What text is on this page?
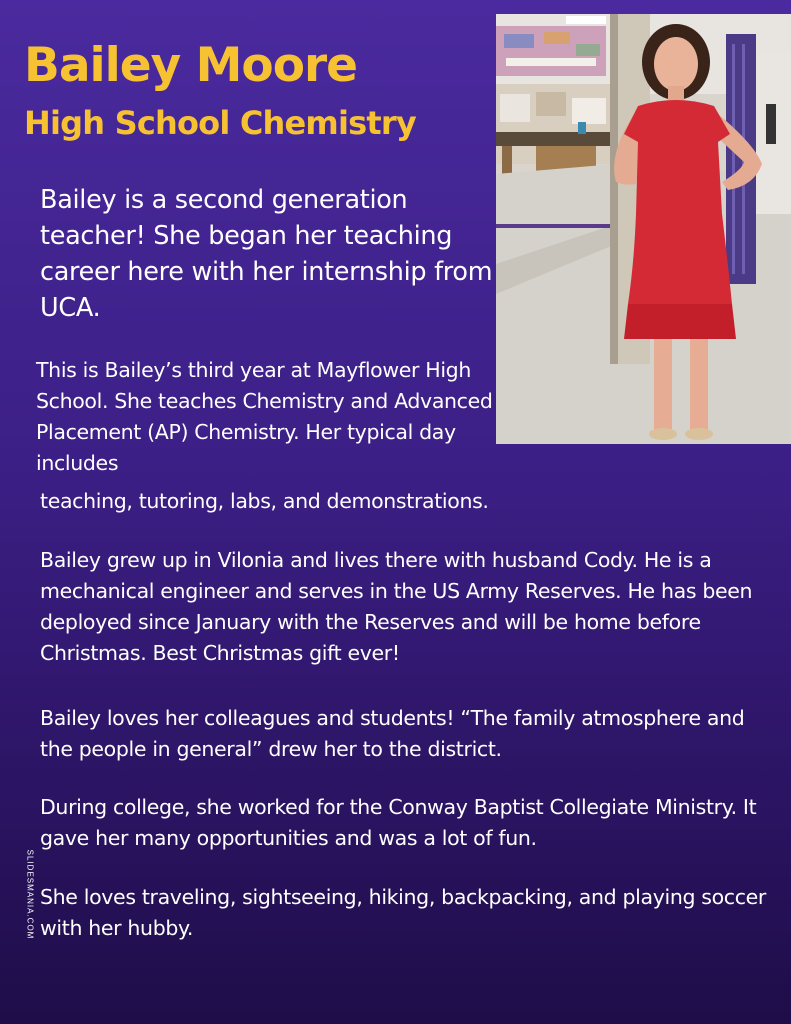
Bailey Moore
High School Chemistry

Bailey is a second generation teacher! She began her teaching career here with her internship from UCA.

This is Bailey’s third year at Mayflower High School. She teaches Chemistry and Advanced Placement (AP) Chemistry. Her typical day includes

teaching, tutoring, labs, and demonstrations.

Bailey grew up in Vilonia and lives there with husband Cody. He is a mechanical engineer and serves in the US Army Reserves. He has been deployed since January with the Reserves and will be home before Christmas. Best Christmas gift ever!

Bailey loves her colleagues and students! “The family atmosphere and the people in general” drew her to the district.

During college, she worked for the Conway Baptist Collegiate Ministry. It gave her many opportunities and was a lot of fun.

She loves traveling, sightseeing, hiking, backpacking, and playing soccer with her hubby.

SLIDESMANIA.COM
